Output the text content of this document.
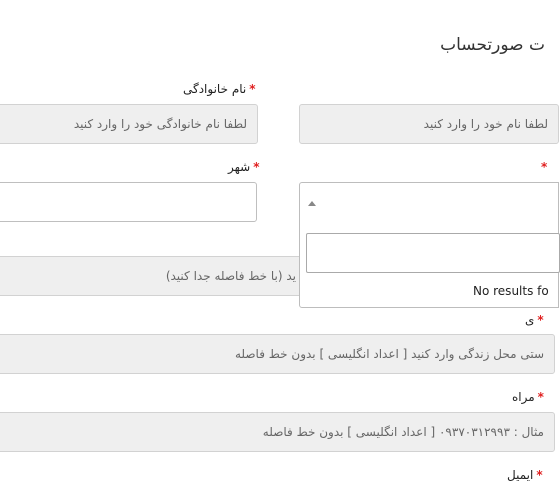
ت صورتحساب
*نام خانوادگی
لطفا نام خانوادگی خود را وارد کنید	لطفا نام خود را وارد کنید
*
*شهر
ید (با خط فاصله جدا کنید)
No results fo
*ی
ستی محل زندگی وارد کنید [ اعداد انگلیسی ] بدون خط فاصله
*مراه
مثال : ۰۹۳۷۰۳۱۲۹۹۳ [ اعداد انگلیسی ] بدون خط فاصله
*ایمیل
